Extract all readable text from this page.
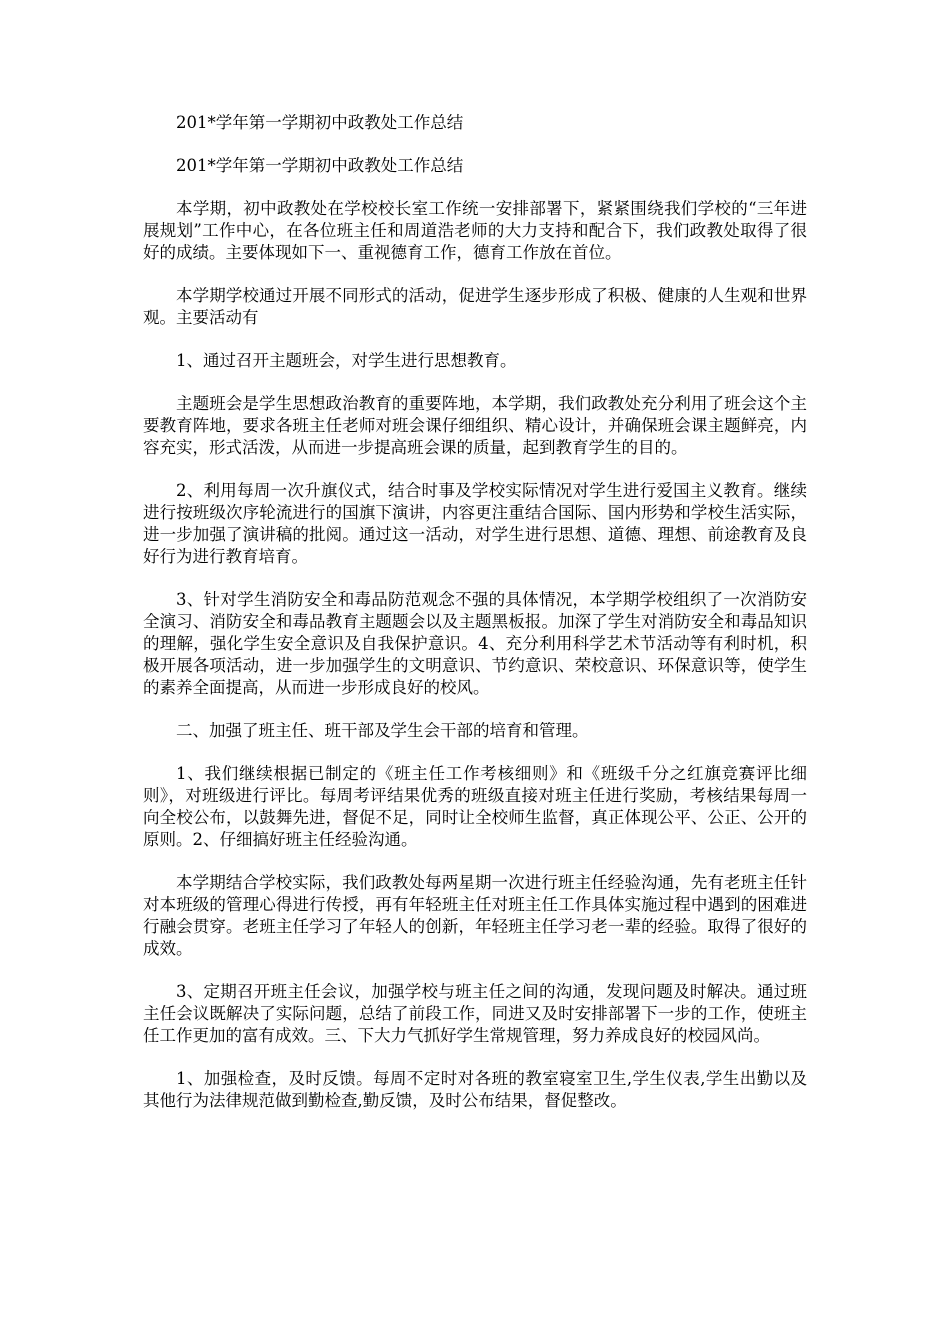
201*学年第一学期初中政教处工作总结

201*学年第一学期初中政教处工作总结

本学期，初中政教处在学校校长室工作统一安排部署下，紧紧围绕我们学校的“三年进展规划”工作中心，在各位班主任和周道浩老师的大力支持和配合下，我们政教处取得了很好的成绩。主要体现如下一、重视德育工作，德育工作放在首位。

本学期学校通过开展不同形式的活动，促进学生逐步形成了积极、健康的人生观和世界观。主要活动有

1、通过召开主题班会，对学生进行思想教育。

主题班会是学生思想政治教育的重要阵地，本学期，我们政教处充分利用了班会这个主要教育阵地，要求各班主任老师对班会课仔细组织、精心设计，并确保班会课主题鲜亮，内容充实，形式活泼，从而进一步提高班会课的质量，起到教育学生的目的。

2、利用每周一次升旗仪式，结合时事及学校实际情况对学生进行爱国主义教育。继续进行按班级次序轮流进行的国旗下演讲，内容更注重结合国际、国内形势和学校生活实际，进一步加强了演讲稿的批阅。通过这一活动，对学生进行思想、道德、理想、前途教育及良好行为进行教育培育。

3、针对学生消防安全和毒品防范观念不强的具体情况，本学期学校组织了一次消防安全演习、消防安全和毒品教育主题题会以及主题黑板报。加深了学生对消防安全和毒品知识的理解，强化学生安全意识及自我保护意识。4、充分利用科学艺术节活动等有利时机，积极开展各项活动，进一步加强学生的文明意识、节约意识、荣校意识、环保意识等，使学生的素养全面提高，从而进一步形成良好的校风。

二、加强了班主任、班干部及学生会干部的培育和管理。

1、我们继续根据已制定的《班主任工作考核细则》和《班级千分之红旗竞赛评比细则》，对班级进行评比。每周考评结果优秀的班级直接对班主任进行奖励，考核结果每周一向全校公布，以鼓舞先进，督促不足，同时让全校师生监督，真正体现公平、公正、公开的原则。2、仔细搞好班主任经验沟通。

本学期结合学校实际，我们政教处每两星期一次进行班主任经验沟通，先有老班主任针对本班级的管理心得进行传授，再有年轻班主任对班主任工作具体实施过程中遇到的困难进行融会贯穿。老班主任学习了年轻人的创新，年轻班主任学习老一辈的经验。取得了很好的成效。

3、定期召开班主任会议，加强学校与班主任之间的沟通，发现问题及时解决。通过班主任会议既解决了实际问题，总结了前段工作，同进又及时安排部署下一步的工作，使班主任工作更加的富有成效。三、下大力气抓好学生常规管理，努力养成良好的校园风尚。

1、加强检查，及时反馈。每周不定时对各班的教室寝室卫生,学生仪表,学生出勤以及其他行为法律规范做到勤检查,勤反馈，及时公布结果，督促整改。
